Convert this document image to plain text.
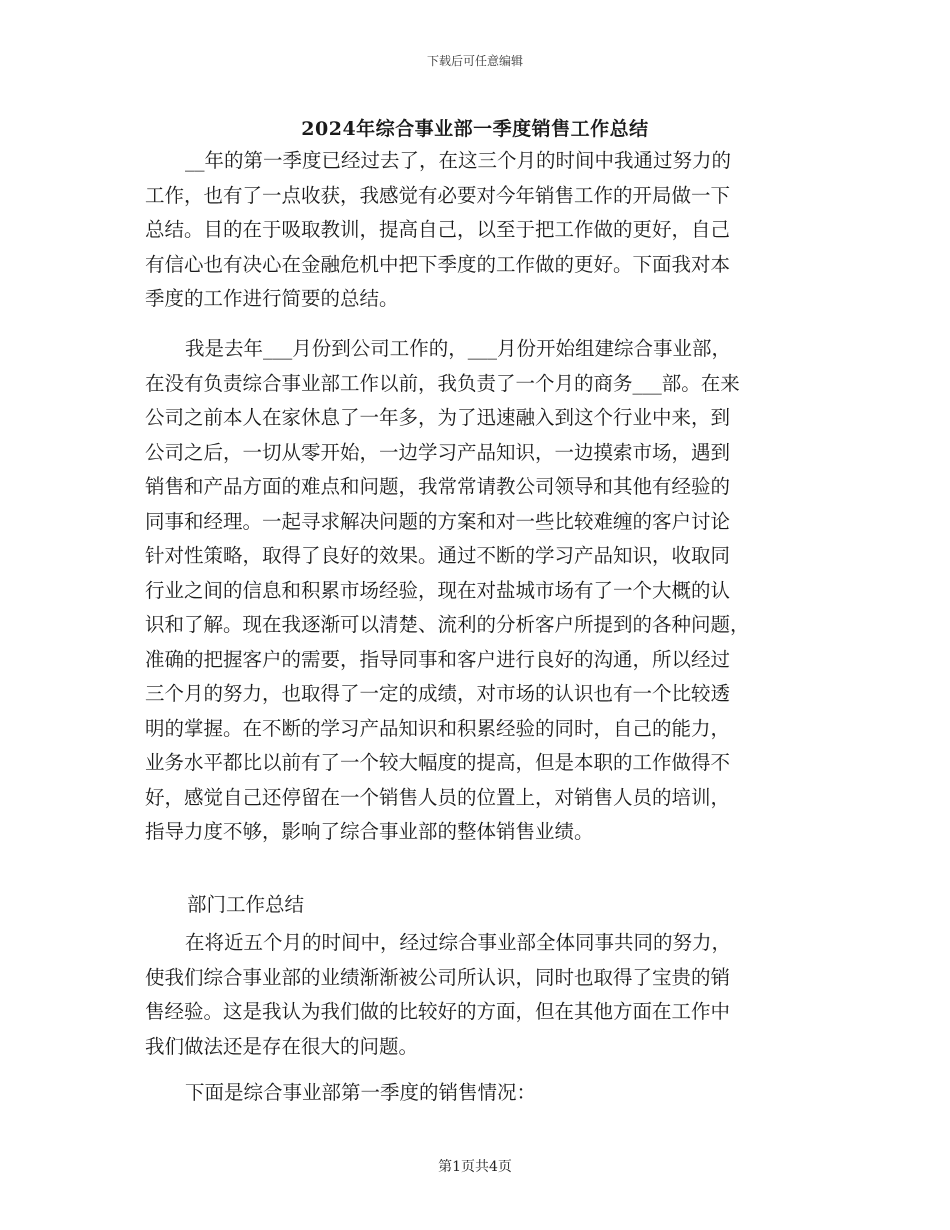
下载后可任意编辑
2024年综合事业部一季度销售工作总结
__年的第一季度已经过去了，在这三个月的时间中我通过努力的
工作，也有了一点收获，我感觉有必要对今年销售工作的开局做一下
总结。目的在于吸取教训，提高自己，以至于把工作做的更好，自己
有信心也有决心在金融危机中把下季度的工作做的更好。下面我对本
季度的工作进行简要的总结。
我是去年___月份到公司工作的，___月份开始组建综合事业部，
在没有负责综合事业部工作以前，我负责了一个月的商务___部。在来
公司之前本人在家休息了一年多，为了迅速融入到这个行业中来，到
公司之后，一切从零开始，一边学习产品知识，一边摸索市场，遇到
销售和产品方面的难点和问题，我常常请教公司领导和其他有经验的
同事和经理。一起寻求解决问题的方案和对一些比较难缠的客户讨论
针对性策略，取得了良好的效果。通过不断的学习产品知识，收取同
行业之间的信息和积累市场经验，现在对盐城市场有了一个大概的认
识和了解。现在我逐渐可以清楚、流利的分析客户所提到的各种问题，
准确的把握客户的需要，指导同事和客户进行良好的沟通，所以经过
三个月的努力，也取得了一定的成绩，对市场的认识也有一个比较透
明的掌握。在不断的学习产品知识和积累经验的同时，自己的能力，
业务水平都比以前有了一个较大幅度的提高，但是本职的工作做得不
好，感觉自己还停留在一个销售人员的位置上，对销售人员的培训，
指导力度不够，影响了综合事业部的整体销售业绩。
部门工作总结
在将近五个月的时间中，经过综合事业部全体同事共同的努力，
使我们综合事业部的业绩渐渐被公司所认识，同时也取得了宝贵的销
售经验。这是我认为我们做的比较好的方面，但在其他方面在工作中
我们做法还是存在很大的问题。
下面是综合事业部第一季度的销售情况：
第1页共4页
